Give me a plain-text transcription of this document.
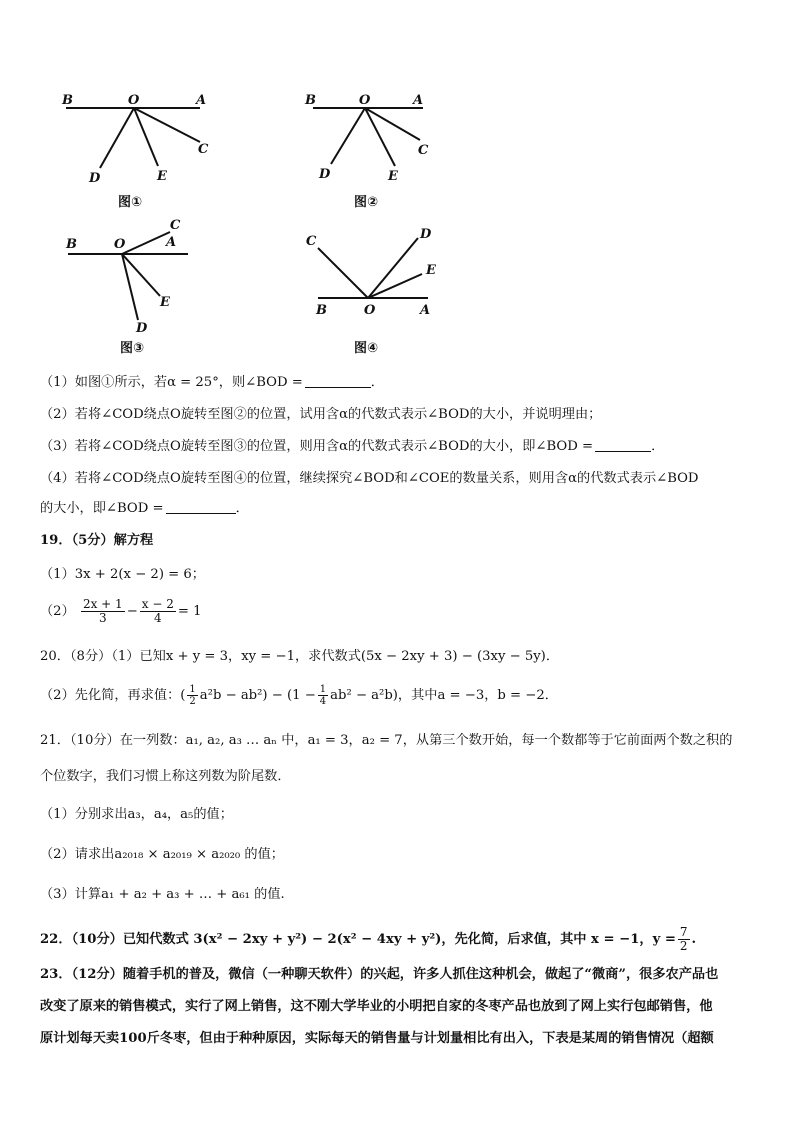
B	O	A
C
D	E
图①
B	O	A
C
D	E
图②
B	O	A
C
D
E
图③
B	O	A
C	D
E
图④
（1）如图①所示，若α = 25°，则∠BOD =	．
（2）若将∠COD绕点O旋转至图②的位置，试用含α的代数式表示∠BOD的大小，并说明理由；
（3）若将∠COD绕点O旋转至图③的位置，则用含α的代数式表示∠BOD的大小，即∠BOD =	．
（4）若将∠COD绕点O旋转至图④的位置，继续探究∠BOD和∠COE的数量关系，则用含α的代数式表示∠BOD
的大小，即∠BOD =	．
19．（5分）解方程
（1）3x + 2(x − 2) = 6；
$(2) \frac{2x + 1}{3} - \frac{x - 2}{4} = 1$
20．（8分）（1）已知x + y = 3，xy = −1，求代数式(5x − 2xy + 3) − (3xy − 5y)．
（2）先化简，再求值：( $\frac{1}{2} a^2b - ab^2) - (1 - \frac{1}{4} ab^2 - a^2b)$，其中a = −3，b = −2．
21．（10分）在一列数：a₁, a₂, a₃ … aₙ 中，a₁ = 3，a₂ = 7，从第三个数开始，每一个数都等于它前面两个数之积的
个位数字，我们习惯上称这列数为阶尾数．
（1）分别求出a₃，a₄，a₅的值；
（2）请求出a₂₀₁₈ × a₂₀₁₉ × a₂₀₂₀ 的值；
（3）计算a₁ + a₂ + a₃ + … + a₆₁ 的值.
22．（10分）已知代数式 3(x² − 2xy + y²) − 2(x² − 4xy + y²)，先化简，后求值，其中 x = −1，$y = \frac{7}{2}$ .
23．（12分）随着手机的普及，微信（一种聊天软件）的兴起，许多人抓住这种机会，做起了“微商”，很多农产品也
改变了原来的销售模式，实行了网上销售，这不刚大学毕业的小明把自家的冬枣产品也放到了网上实行包邮销售，他
原计划每天卖100斤冬枣，但由于种种原因，实际每天的销售量与计划量相比有出入，下表是某周的销售情况（超额
